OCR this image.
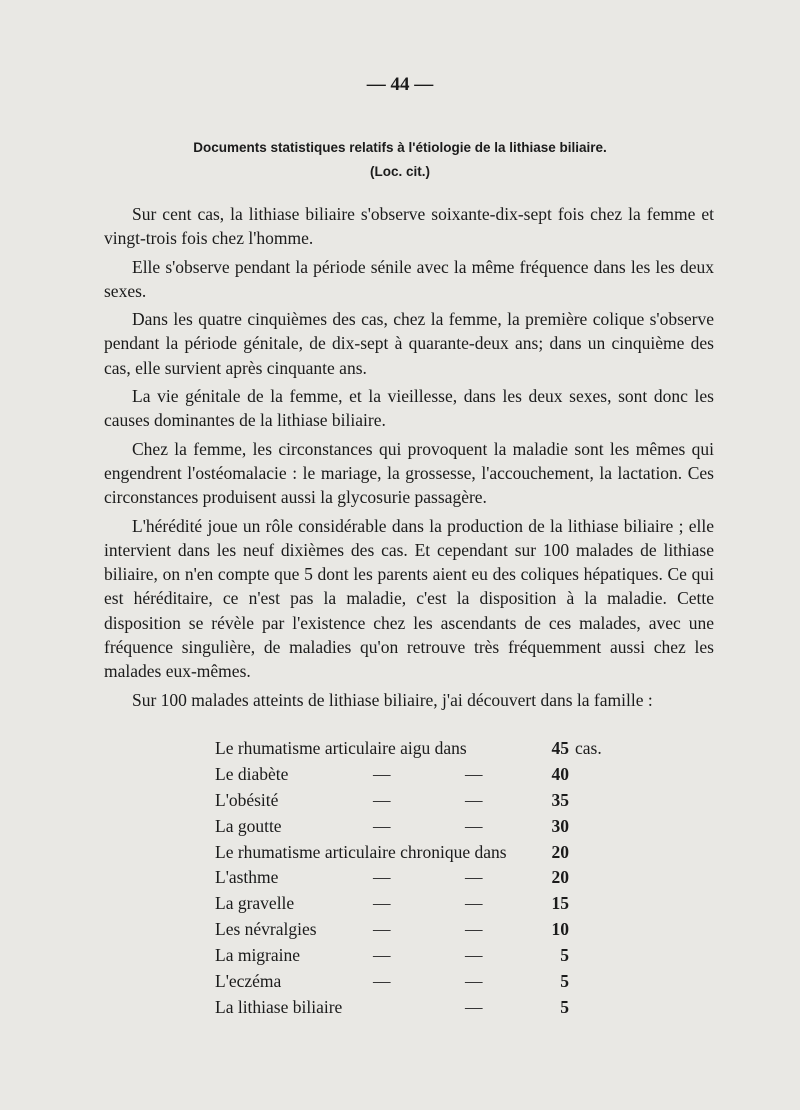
— 44 —
Documents statistiques relatifs à l'étiologie de la lithiase biliaire.
(Loc. cit.)

Sur cent cas, la lithiase biliaire s'observe soixante-dix-sept fois chez la femme et vingt-trois fois chez l'homme.

Elle s'observe pendant la période sénile avec la même fréquence dans les les deux sexes.

Dans les quatre cinquièmes des cas, chez la femme, la première colique s'observe pendant la période génitale, de dix-sept à quarante-deux ans; dans un cinquième des cas, elle survient après cinquante ans.

La vie génitale de la femme, et la vieillesse, dans les deux sexes, sont donc les causes dominantes de la lithiase biliaire.

Chez la femme, les circonstances qui provoquent la maladie sont les mêmes qui engendrent l'ostéomalacie : le mariage, la grossesse, l'accouchement, la lactation. Ces circonstances produisent aussi la glycosurie passagère.

L'hérédité joue un rôle considérable dans la production de la lithiase biliaire ; elle intervient dans les neuf dixièmes des cas. Et cependant sur 100 malades de lithiase biliaire, on n'en compte que 5 dont les parents aient eu des coliques hépatiques. Ce qui est héréditaire, ce n'est pas la maladie, c'est la disposition à la maladie. Cette disposition se révèle par l'existence chez les ascendants de ces malades, avec une fréquence singulière, de maladies qu'on retrouve très fréquemment aussi chez les malades eux-mêmes.

Sur 100 malades atteints de lithiase biliaire, j'ai découvert dans la famille :

Le rhumatisme articulaire aigu dans	45 cas.
Le diabète	—	—	40
L'obésité	—	—	35
La goutte	—	—	30
Le rhumatisme articulaire chronique dans	20
L'asthme	—	—	20
La gravelle	—	—	15
Les névralgies	—	—	10
La migraine	—	—	5
L'eczéma	—	—	5
La lithiase biliaire	—	5
